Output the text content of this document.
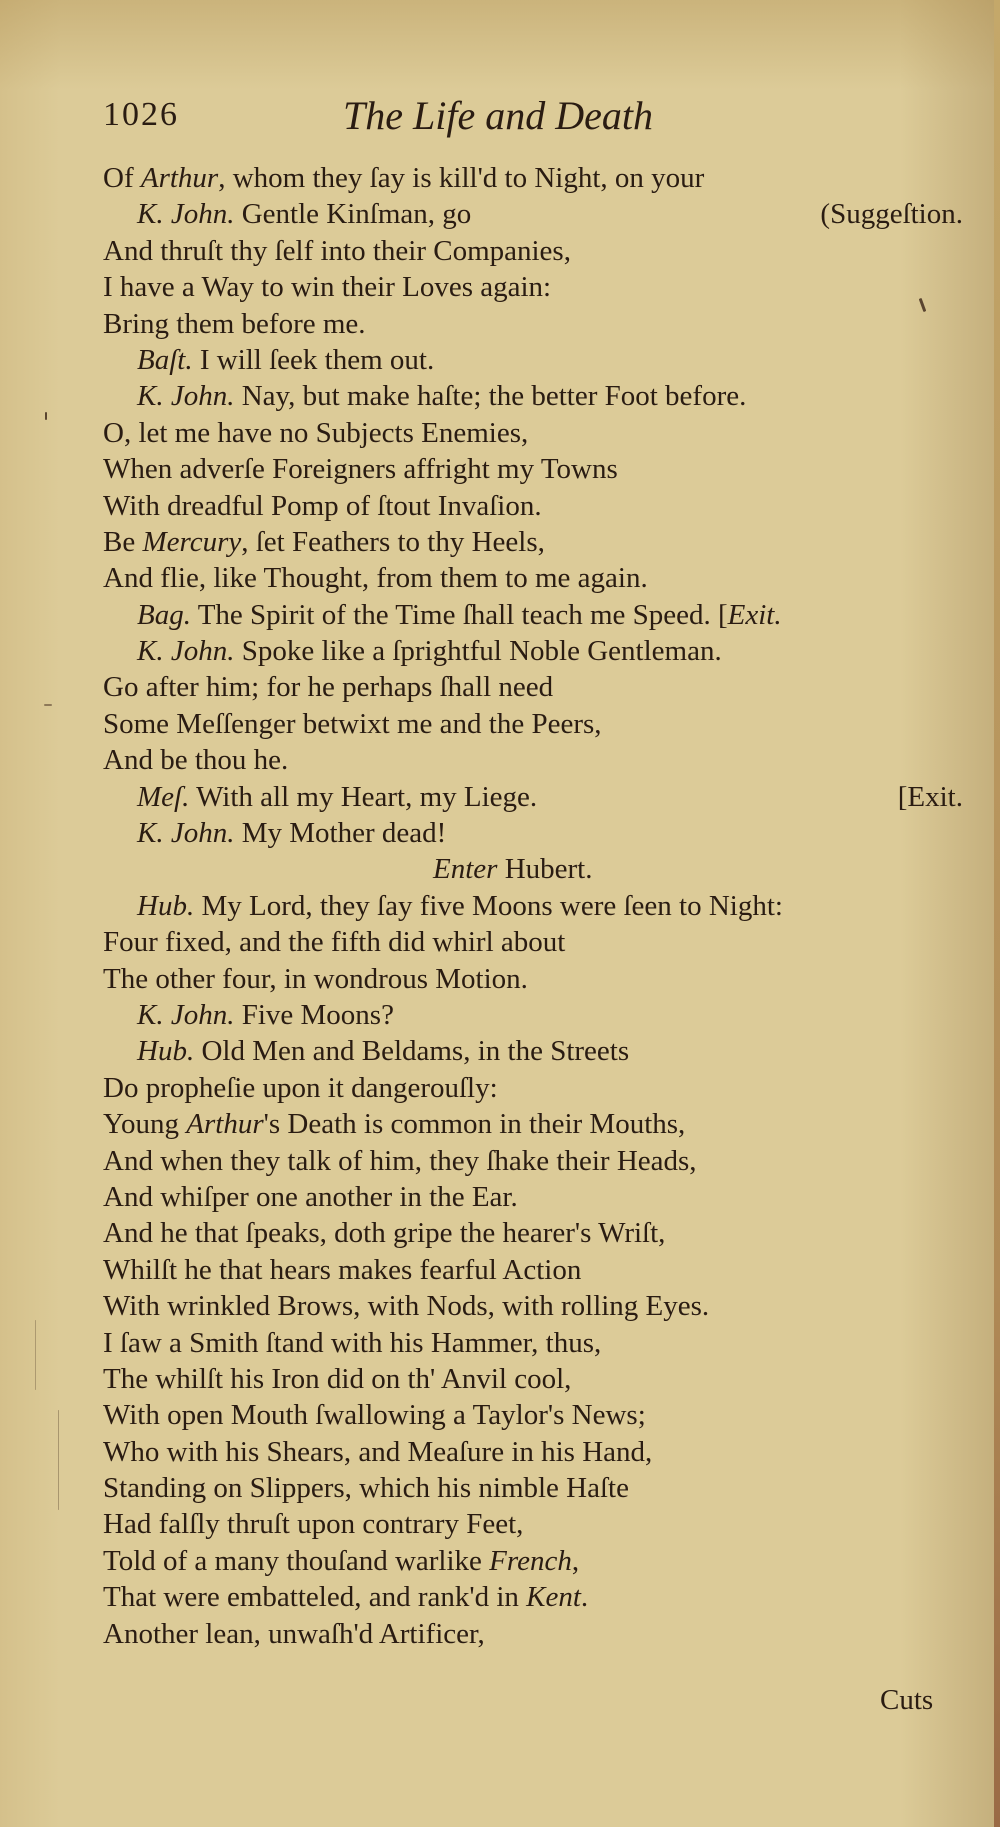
1026	The Life and Death
Of Arthur, whom they ſay is kill'd to Night, on your
K. John. Gentle Kinſman, go	(Suggeſtion.
And thruſt thy ſelf into their Companies,
I have a Way to win their Loves again:
Bring them before me.
Baſt. I will ſeek them out.
K. John. Nay, but make haſte; the better Foot before.
O, let me have no Subjects Enemies,
When adverſe Foreigners affright my Towns
With dreadful Pomp of ſtout Invaſion.
Be Mercury, ſet Feathers to thy Heels,
And flie, like Thought, from them to me again.
Bag. The Spirit of the Time ſhall teach me Speed. [Exit.
K. John. Spoke like a ſprightful Noble Gentleman.
Go after him; for he perhaps ſhall need
Some Meſſenger betwixt me and the Peers,
And be thou he.
Meſ. With all my Heart, my Liege.	[Exit.
K. John. My Mother dead!
Enter Hubert.
Hub. My Lord, they ſay five Moons were ſeen to Night:
Four fixed, and the fifth did whirl about
The other four, in wondrous Motion.
K. John. Five Moons?
Hub. Old Men and Beldams, in the Streets
Do propheſie upon it dangerouſly:
Young Arthur's Death is common in their Mouths,
And when they talk of him, they ſhake their Heads,
And whiſper one another in the Ear.
And he that ſpeaks, doth gripe the hearer's Wriſt,
Whilſt he that hears makes fearful Action
With wrinkled Brows, with Nods, with rolling Eyes.
I ſaw a Smith ſtand with his Hammer, thus,
The whilſt his Iron did on th' Anvil cool,
With open Mouth ſwallowing a Taylor's News;
Who with his Shears, and Meaſure in his Hand,
Standing on Slippers, which his nimble Haſte
Had falſly thruſt upon contrary Feet,
Told of a many thouſand warlike French,
That were embatteled, and rank'd in Kent.
Another lean, unwaſh'd Artificer,
Cuts
